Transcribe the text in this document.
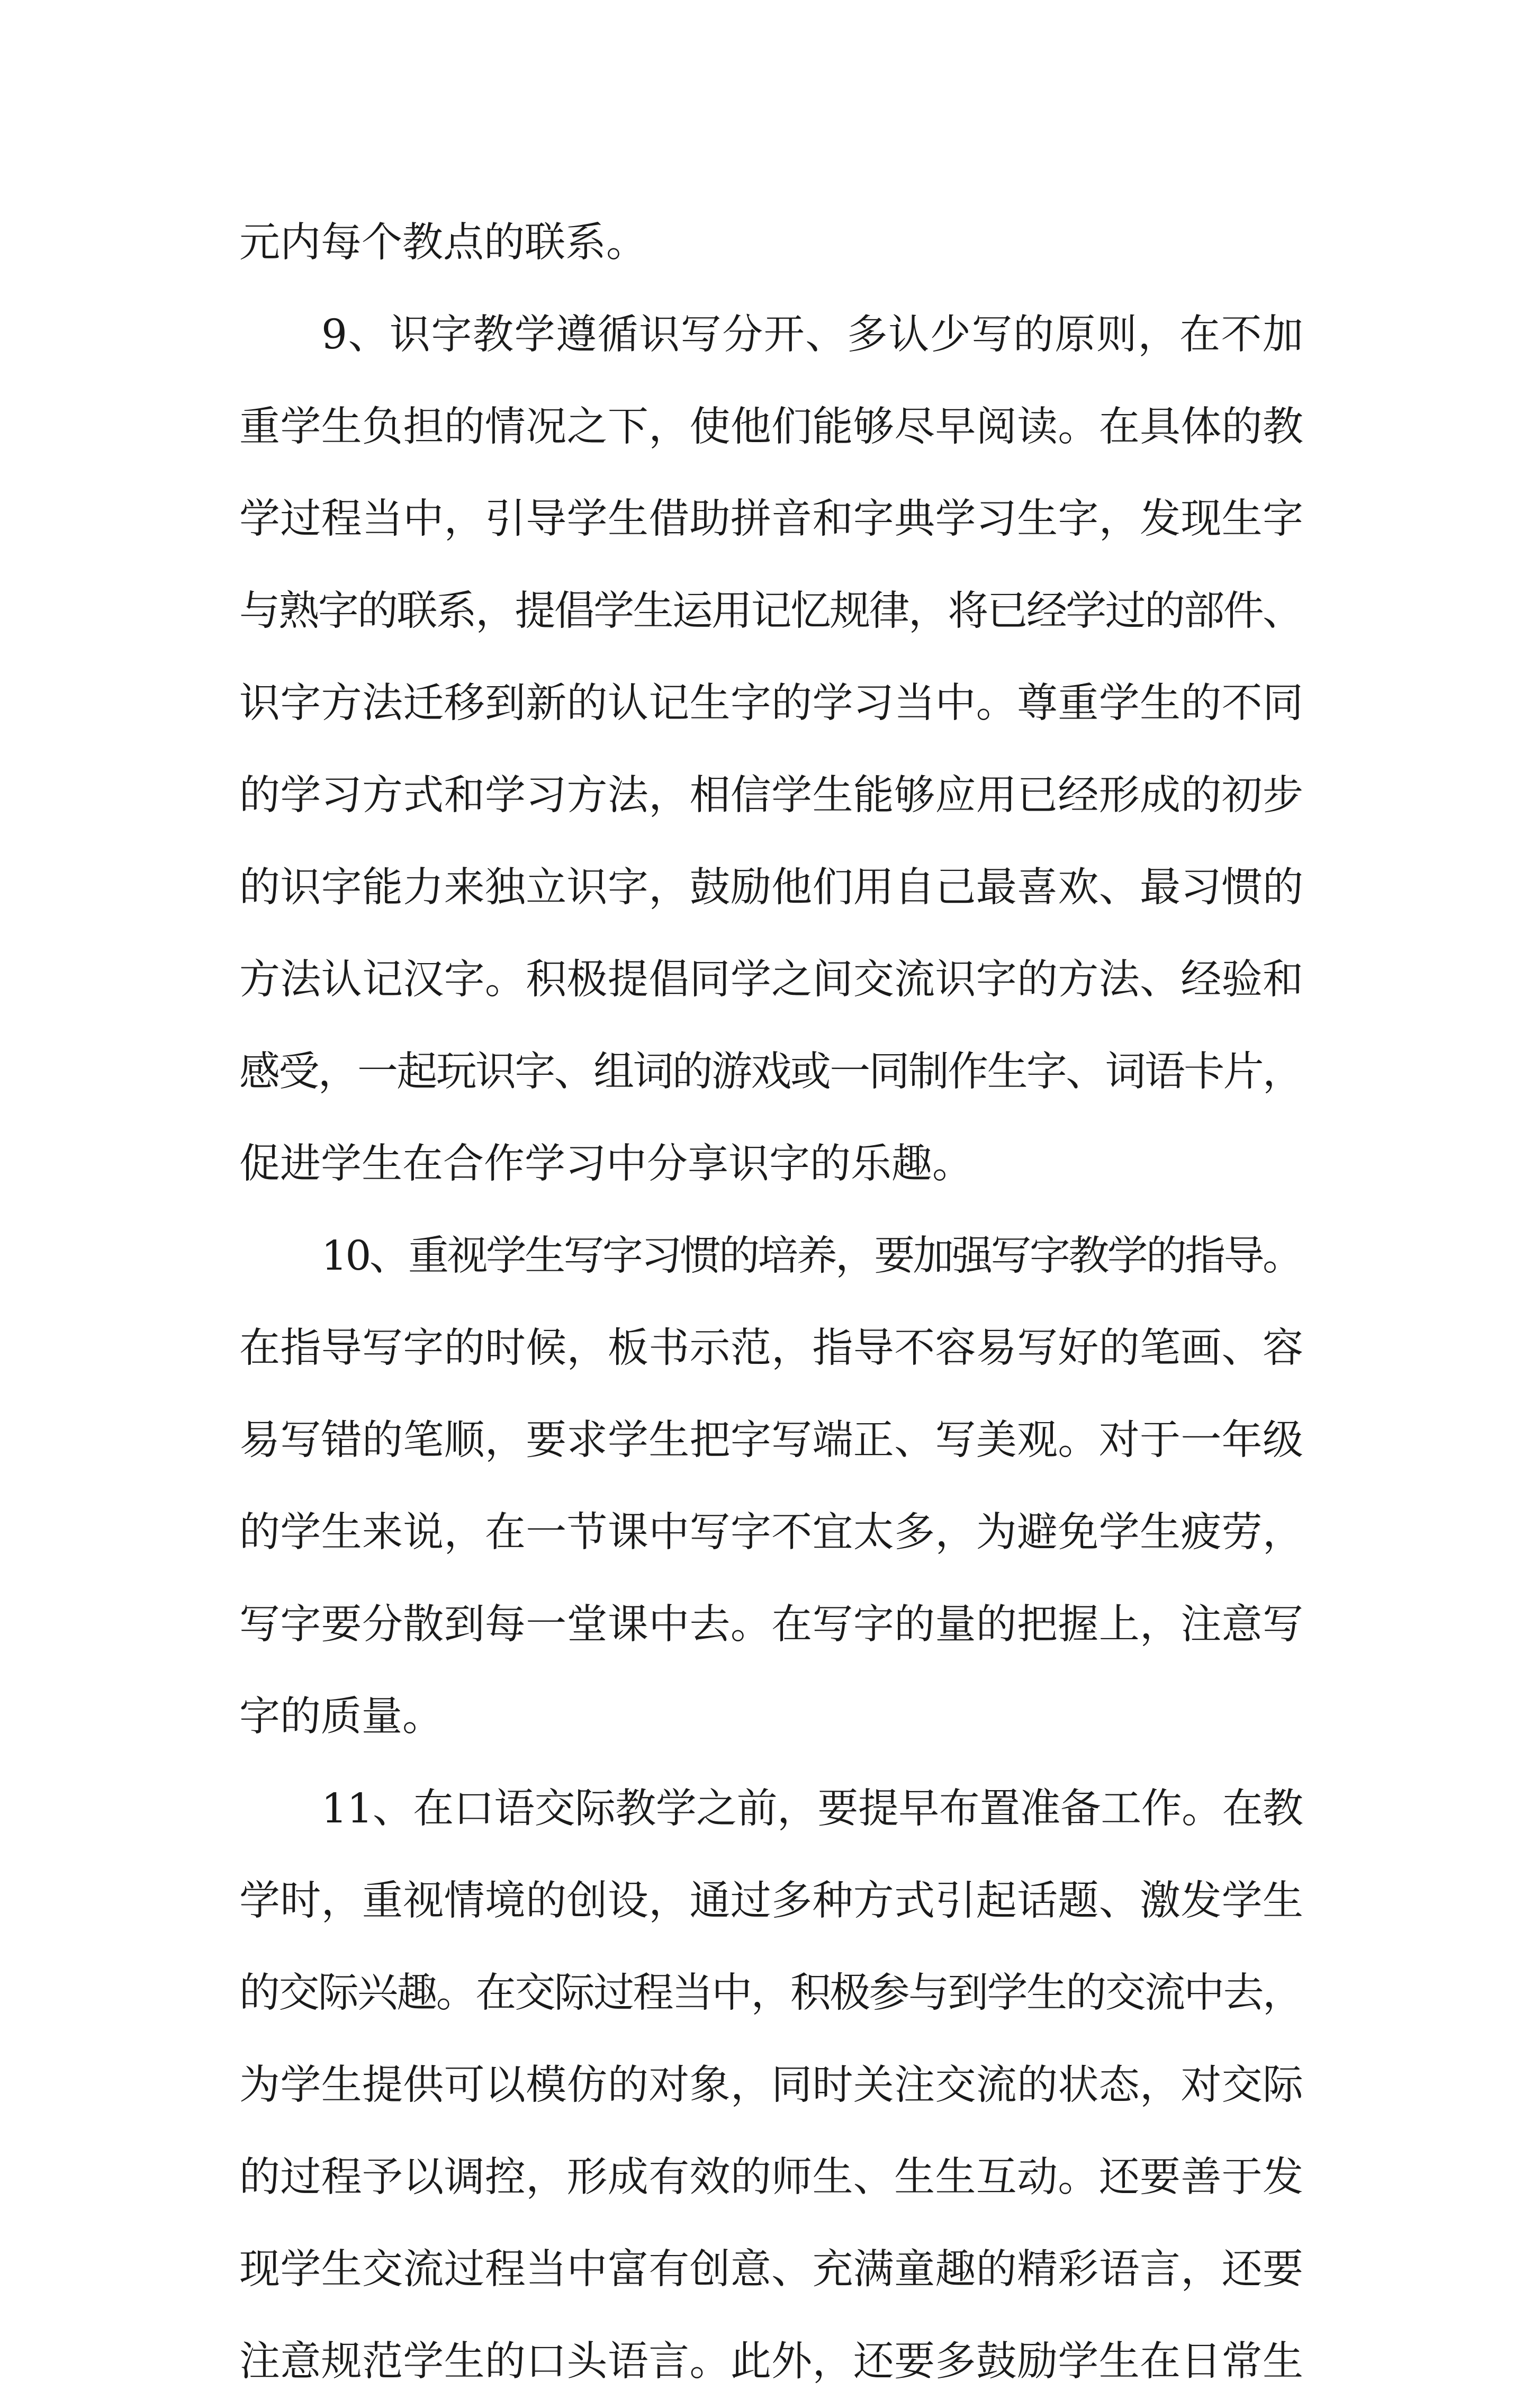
元内每个教点的联系。
9、识字教学遵循识写分开、多认少写的原则，在不加
重学生负担的情况之下，使他们能够尽早阅读。在具体的教
学过程当中，引导学生借助拼音和字典学习生字，发现生字
与熟字的联系，提倡学生运用记忆规律，将已经学过的部件、
识字方法迁移到新的认记生字的学习当中。尊重学生的不同
的学习方式和学习方法，相信学生能够应用已经形成的初步
的识字能力来独立识字，鼓励他们用自己最喜欢、最习惯的
方法认记汉字。积极提倡同学之间交流识字的方法、经验和
感受，一起玩识字、组词的游戏或一同制作生字、词语卡片，
促进学生在合作学习中分享识字的乐趣。
10、重视学生写字习惯的培养，要加强写字教学的指导。
在指导写字的时候，板书示范，指导不容易写好的笔画、容
易写错的笔顺，要求学生把字写端正、写美观。对于一年级
的学生来说，在一节课中写字不宜太多，为避免学生疲劳，
写字要分散到每一堂课中去。在写字的量的把握上，注意写
字的质量。
11、在口语交际教学之前，要提早布置准备工作。在教
学时，重视情境的创设，通过多种方式引起话题、激发学生
的交际兴趣。在交际过程当中，积极参与到学生的交流中去，
为学生提供可以模仿的对象，同时关注交流的状态，对交际
的过程予以调控，形成有效的师生、生生互动。还要善于发
现学生交流过程当中富有创意、充满童趣的精彩语言，还要
注意规范学生的口头语言。此外，还要多鼓励学生在日常生
